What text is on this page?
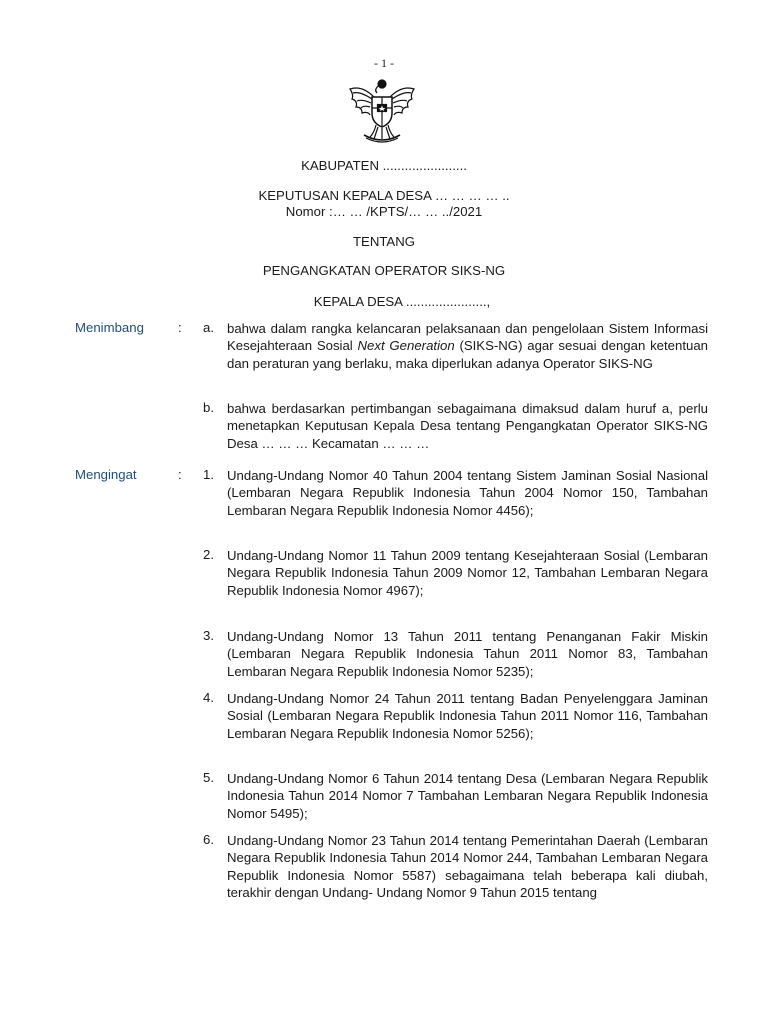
- 1 -
KABUPATEN .......................
KEPUTUSAN KEPALA DESA … … … … ..
Nomor :… … /KPTS/… … ../2021
TENTANG
PENGANGKATAN OPERATOR SIKS-NG
KEPALA DESA ......................,
Menimbang	: a. bahwa dalam rangka kelancaran pelaksanaan dan pengelolaan Sistem Informasi Kesejahteraan Sosial Next Generation (SIKS-NG) agar sesuai dengan ketentuan dan peraturan yang berlaku, maka diperlukan adanya Operator SIKS-NG
b. bahwa berdasarkan pertimbangan sebagaimana dimaksud dalam huruf a, perlu menetapkan Keputusan Kepala Desa tentang Pengangkatan Operator SIKS-NG Desa … … … Kecamatan … … …
Mengingat	: 1. Undang-Undang Nomor 40 Tahun 2004 tentang Sistem Jaminan Sosial Nasional (Lembaran Negara Republik Indonesia Tahun 2004 Nomor 150, Tambahan Lembaran Negara Republik Indonesia Nomor 4456);
2. Undang-Undang Nomor 11 Tahun 2009 tentang Kesejahteraan Sosial (Lembaran Negara Republik Indonesia Tahun 2009 Nomor 12, Tambahan Lembaran Negara Republik Indonesia Nomor 4967);
3. Undang-Undang Nomor 13 Tahun 2011 tentang Penanganan Fakir Miskin (Lembaran Negara Republik Indonesia Tahun 2011 Nomor 83, Tambahan Lembaran Negara Republik Indonesia Nomor 5235);
4. Undang-Undang Nomor 24 Tahun 2011 tentang Badan Penyelenggara Jaminan Sosial (Lembaran Negara Republik Indonesia Tahun 2011 Nomor 116, Tambahan Lembaran Negara Republik Indonesia Nomor 5256);
5. Undang-Undang Nomor 6 Tahun 2014 tentang Desa (Lembaran Negara Republik Indonesia Tahun 2014 Nomor 7 Tambahan Lembaran Negara Republik Indonesia Nomor 5495);
6. Undang-Undang Nomor 23 Tahun 2014 tentang Pemerintahan Daerah (Lembaran Negara Republik Indonesia Tahun 2014 Nomor 244, Tambahan Lembaran Negara Republik Indonesia Nomor 5587) sebagaimana telah beberapa kali diubah, terakhir dengan Undang- Undang Nomor 9 Tahun 2015 tentang
